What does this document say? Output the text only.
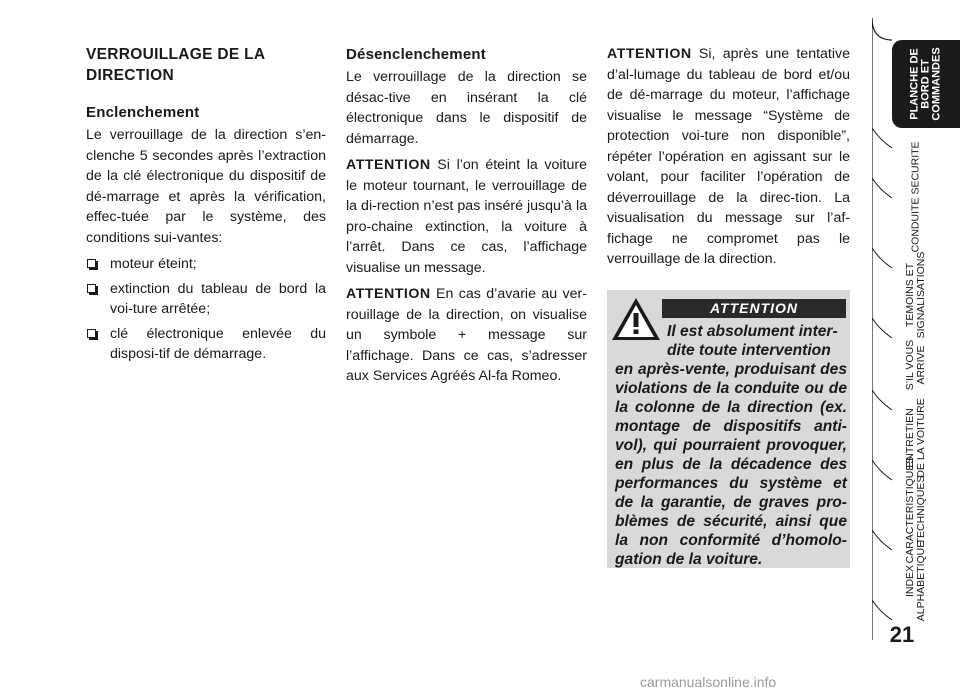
VERROUILLAGE DE LA
DIRECTION
Enclenchement

Le verrouillage de la direction s’en-clenche 5 secondes après l’extraction de la clé électronique du dispositif de dé-marrage et après la vérification, effec-tuée par le système, des conditions sui-vantes:

moteur éteint;
extinction du tableau de bord la voi-ture arrêtée;
clé électronique enlevée du disposi-tif de démarrage.
Désenclenchement

Le verrouillage de la direction se désac-tive en insérant la clé électronique dans le dispositif de démarrage.

ATTENTION Si l’on éteint la voiture le moteur tournant, le verrouillage de la di-rection n’est pas inséré jusqu’à la pro-chaine extinction, la voiture à l’arrêt. Dans ce cas, l’affichage visualise un message.

ATTENTION En cas d’avarie au ver-rouillage de la direction, on visualise un symbole + message sur l’affichage. Dans ce cas, s’adresser aux Services Agréés Al-fa Romeo.

ATTENTION Si, après une tentative d’al-lumage du tableau de bord et/ou de dé-marrage du moteur, l’affichage visualise le message “Système de protection voi-ture non disponible”, répéter l’opération en agissant sur le volant, pour faciliter l’opération de déverrouillage de la direc-tion. La visualisation du message sur l’af-fichage ne compromet pas le verrouillage de la direction.

ATTENTION
Il est absolument inter-
dite toute intervention
en après-vente, produisant des violations de la conduite ou de la colonne de la direction (ex. montage de dispositifs anti-vol), qui pourraient provoquer, en plus de la décadence des performances du système et de la garantie, de graves pro-blèmes de sécurité, ainsi que la non conformité d’homolo-gation de la voiture.
PLANCHE DE
BORD ET
COMMANDES
SECURITE
CONDUITE
TEMOINS ET
SIGNALISATIONS
S’IL VOUS
ARRIVE
ENTRETIEN
DE LA VOITURE
CARACTERISTIQUES
TECHNIQUES
INDEX
ALPHABETIQUE
21
carmanualsonline.info
